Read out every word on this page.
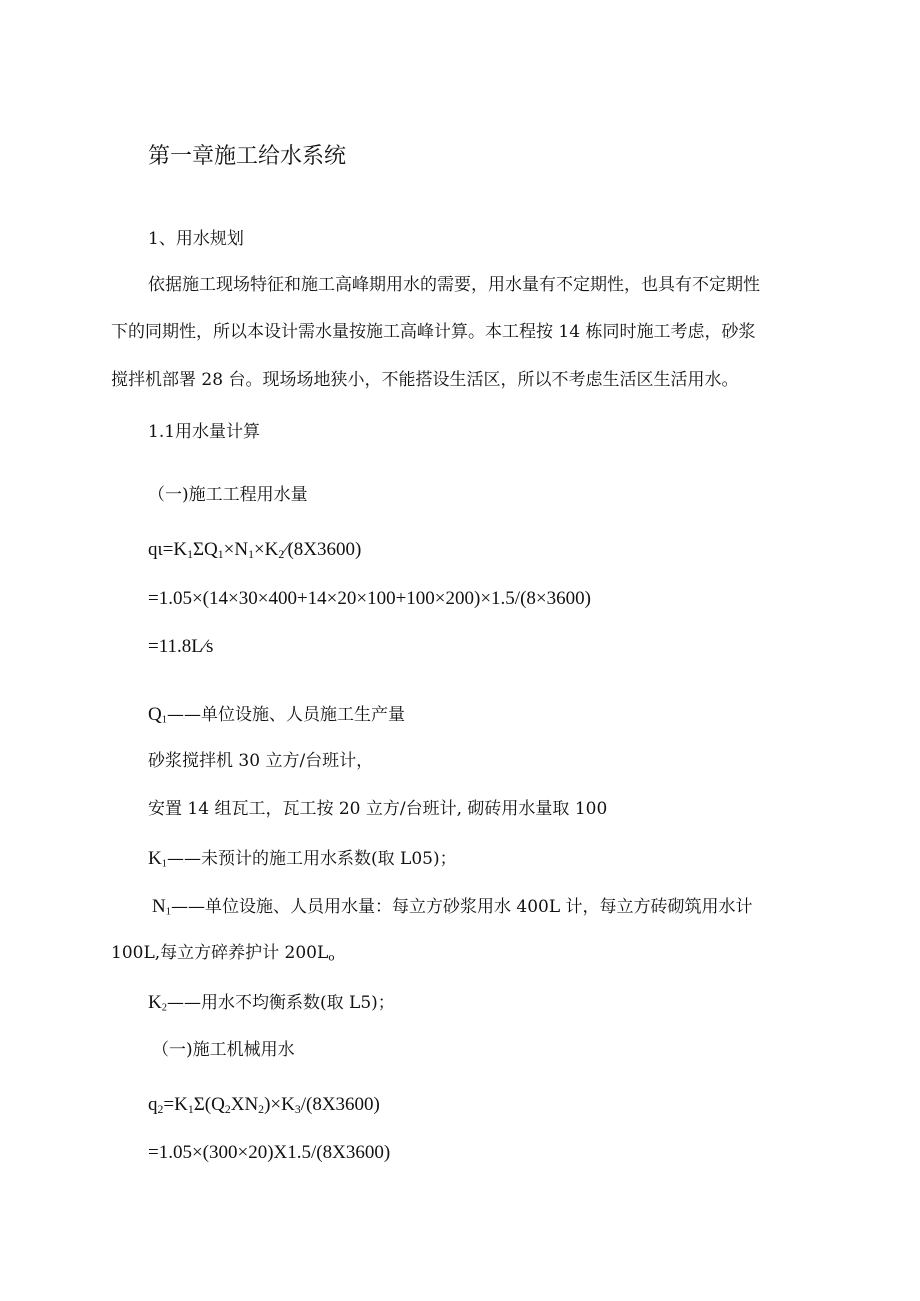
第一章施工给水系统
1、用水规划
依据施工现场特征和施工高峰期用水的需要，用水量有不定期性，也具有不定期性
下的同期性，所以本设计需水量按施工高峰计算。本工程按 14 栋同时施工考虑，砂浆
搅拌机部署 28 台。现场场地狭小，不能搭设生活区，所以不考虑生活区生活用水。
1.1用水量计算
（一)施工工程用水量
$q\iota=K_1\Sigma Q_1\times N_1\times K_2∕(8X3600)$
=1.05×(14×30×400+14×20×100+100×200)×1.5/(8×3600)
=11.8L∕s
$Q_1——$单位设施、人员施工生产量
砂浆搅拌机 30 立方/台班计，
安置 14 组瓦工，瓦工按 20 立方/台班计, 砌砖用水量取 100
$K_1——$未预计的施工用水系数(取 L05)；
$N_1——$单位设施、人员用水量：每立方砂浆用水 400L 计，每立方砖砌筑用水计
100L,每立方碎养护计 $200L_o$
$K_2——$用水不均衡系数(取 L5)；
（一)施工机械用水
$q_2=K_1\Sigma(Q_2XN_2)\times K_3/(8X3600)$
=1.05×(300×20)X1.5/(8X3600)
